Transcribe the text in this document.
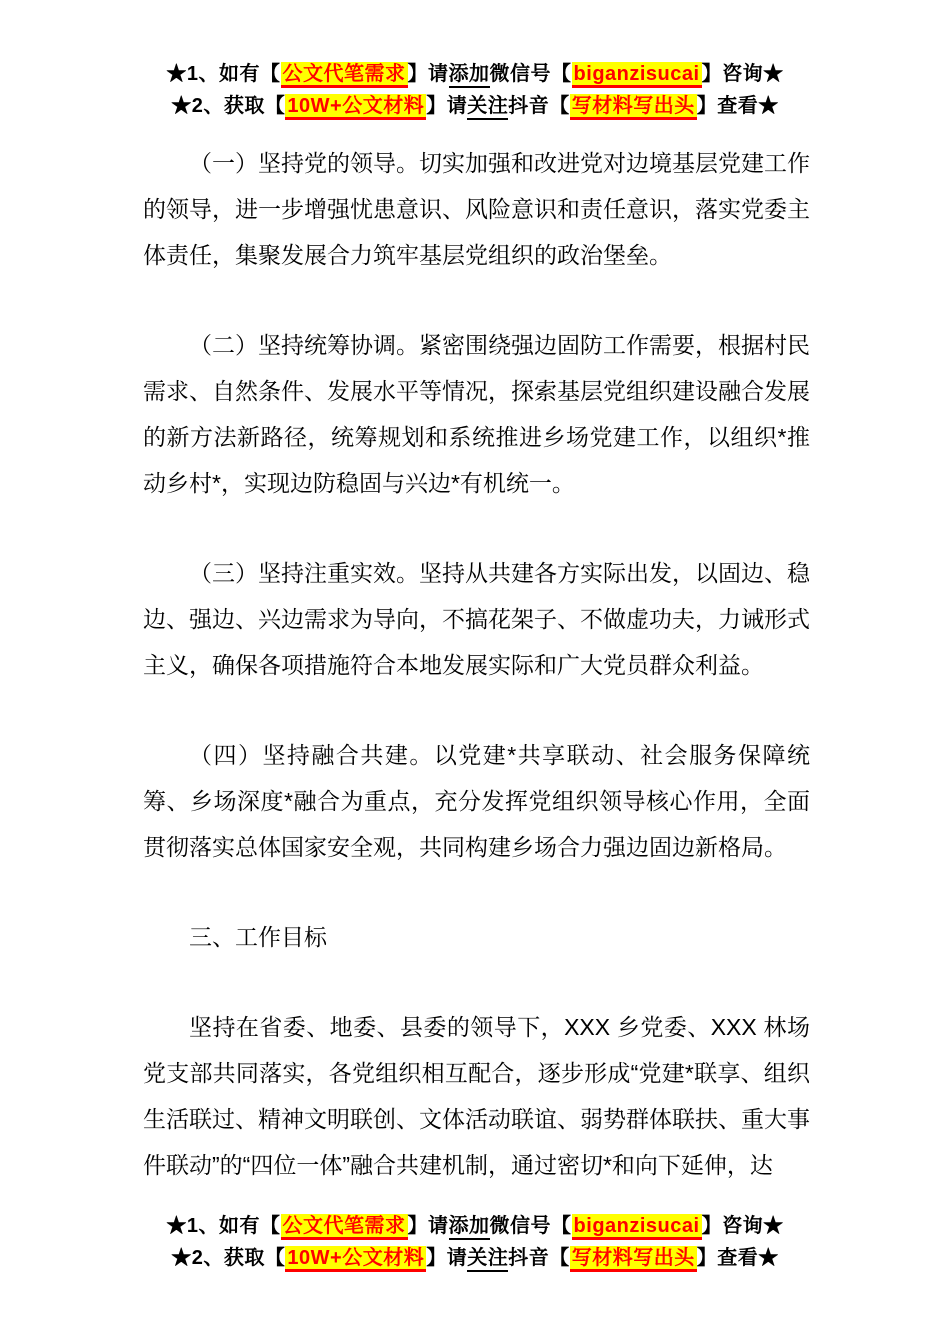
★1、如有【 公文代笔需求 】请添加微信号【 biganzisucai 】咨询★
★2、获取【 10W+公文材料 】请关注抖音【 写材料写出头 】查看★

（一）坚持党的领导。切实加强和改进党对边境基层党建工作的领导，进一步增强忧患意识、风险意识和责任意识，落实党委主体责任，集聚发展合力筑牢基层党组织的政治堡垒。

（二）坚持统筹协调。紧密围绕强边固防工作需要，根据村民需求、自然条件、发展水平等情况，探索基层党组织建设融合发展的新方法新路径，统筹规划和系统推进乡场党建工作，以组织*推动乡村*，实现边防稳固与兴边*有机统一。

（三）坚持注重实效。坚持从共建各方实际出发，以固边、稳边、强边、兴边需求为导向，不搞花架子、不做虚功夫，力诫形式主义，确保各项措施符合本地发展实际和广大党员群众利益。

（四）坚持融合共建。以党建*共享联动、社会服务保障统筹、乡场深度*融合为重点，充分发挥党组织领导核心作用，全面贯彻落实总体国家安全观，共同构建乡场合力强边固边新格局。

三、工作目标

坚持在省委、地委、县委的领导下，XXX 乡党委、XXX 林场党支部共同落实，各党组织相互配合，逐步形成“党建*联享、组织生活联过、精神文明联创、文体活动联谊、弱势群体联扶、重大事件联动”的“四位一体”融合共建机制，通过密切*和向下延伸，达

★1、如有【 公文代笔需求 】请添加微信号【 biganzisucai 】咨询★
★2、获取【 10W+公文材料 】请关注抖音【 写材料写出头 】查看★
